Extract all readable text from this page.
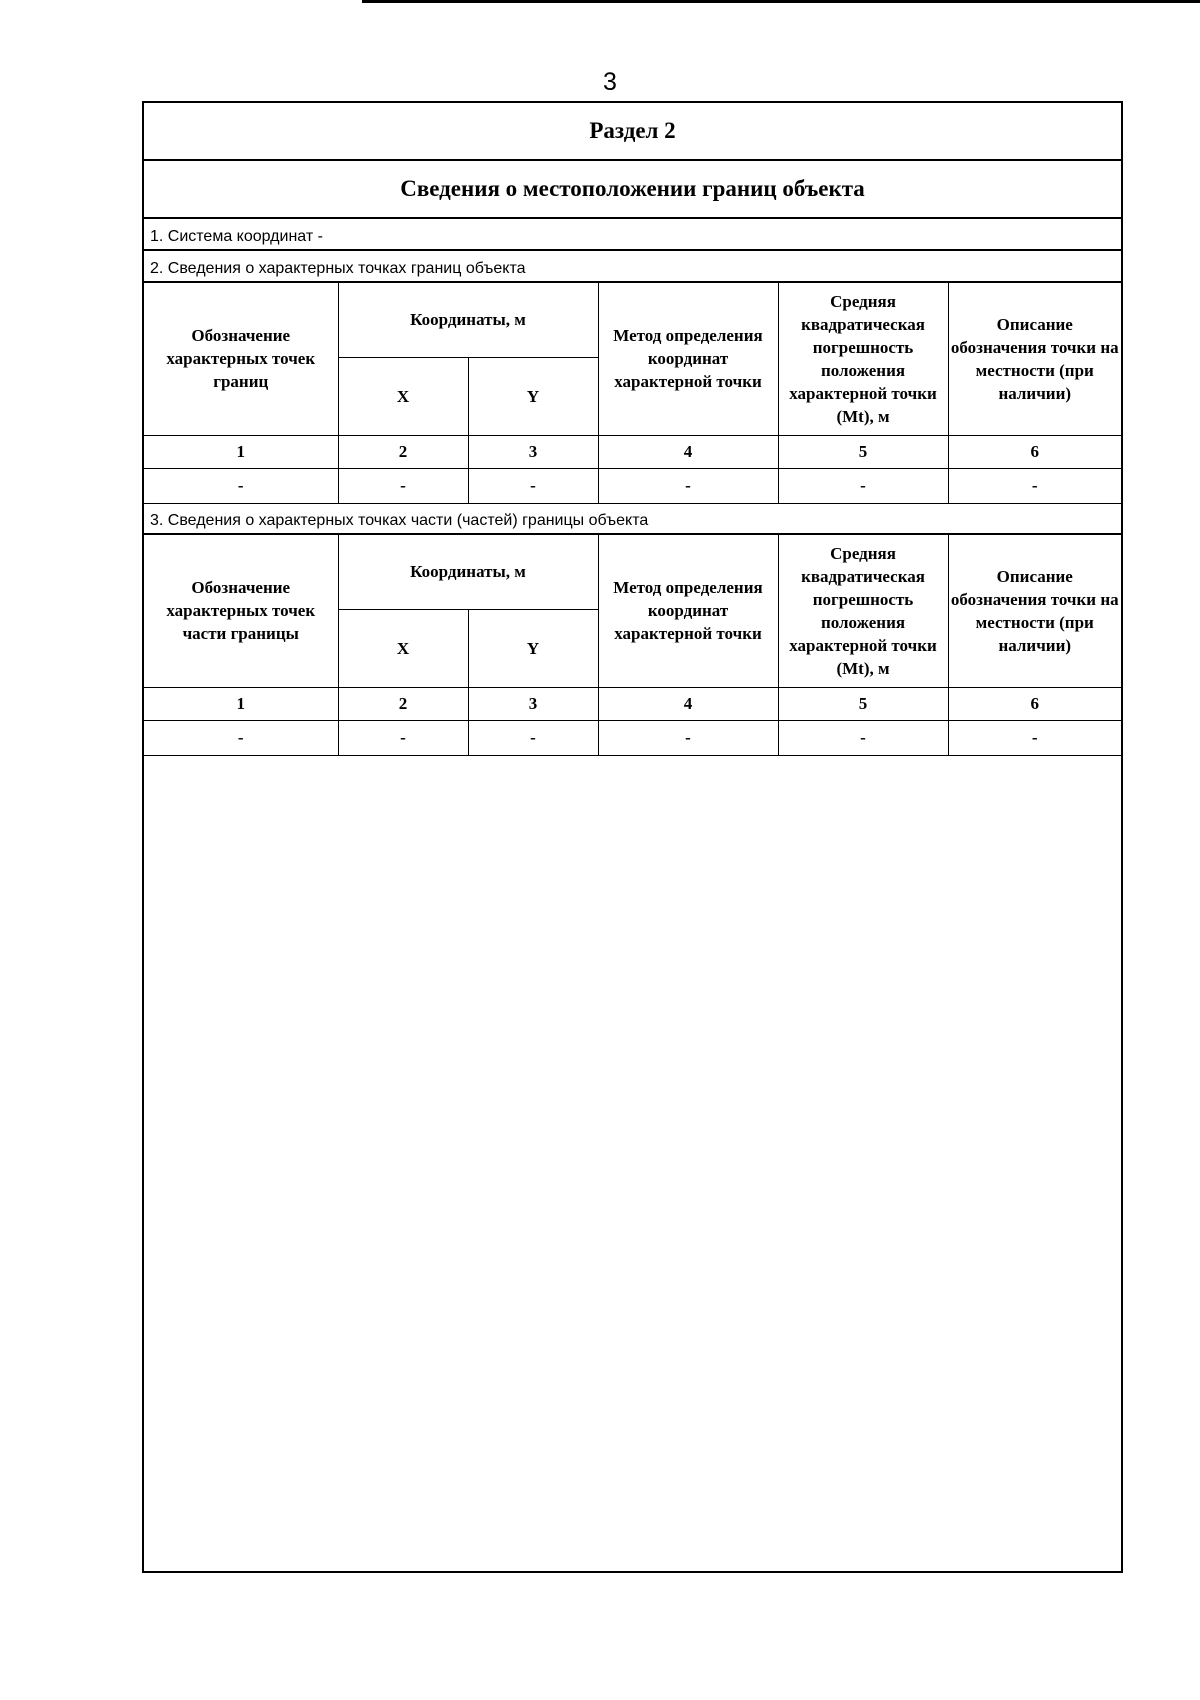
3
Раздел 2
Сведения о местоположении границ объекта
1. Система координат -
2. Сведения о характерных точках границ объекта
Обозначение характерных точек границ	Координаты, м		Метод определения координат характерной точки	Средняя квадратическая погрешность положения характерной точки (Mt), м	Описание обозначения точки на местности (при наличии)
	X	Y			
1	2	3	4	5	6
-	-	-	-	-	-
3. Сведения о характерных точках части (частей) границы объекта
Обозначение характерных точек части границы	Координаты, м		Метод определения координат характерной точки	Средняя квадратическая погрешность положения характерной точки (Mt), м	Описание обозначения точки на местности (при наличии)
	X	Y			
1	2	3	4	5	6
-	-	-	-	-	-
